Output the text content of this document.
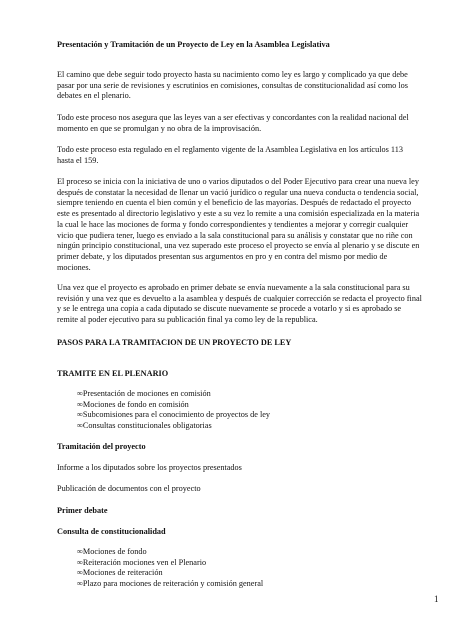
Presentación y Tramitación de un Proyecto de Ley en la Asamblea Legislativa

El camino que debe seguir todo proyecto hasta su nacimiento como ley es largo y complicado ya que debe
pasar por una serie de revisiones y escrutinios en comisiones, consultas de constitucionalidad así como los
debates en el plenario.

Todo este proceso nos asegura que las leyes van a ser efectivas y concordantes con la realidad nacional del
momento en que se promulgan y no obra de la improvisación.

Todo este proceso esta regulado en el reglamento vigente de la Asamblea Legislativa en los artículos 113
hasta el 159.

El proceso se inicia con la iniciativa de uno o varios diputados o del Poder Ejecutivo para crear una nueva ley
después de constatar la necesidad de llenar un vació jurídico o regular una nueva conducta o tendencia social,
siempre teniendo en cuenta el bien común y el beneficio de las mayorías. Después de redactado el proyecto
este es presentado al directorio legislativo y este a su vez lo remite a una comisión especializada en la materia
la cual le hace las mociones de forma y fondo correspondientes y tendientes a mejorar y corregir cualquier
vicio que pudiera tener, luego es enviado a la sala constitucional para su análisis y constatar que no riñe con
ningún principio constitucional, una vez superado este proceso el proyecto se envía al plenario y se discute en
primer debate, y los diputados presentan sus argumentos en pro y en contra del mismo por medio de
mociones.

Una vez que el proyecto es aprobado en primer debate se envía nuevamente a la sala constitucional para su
revisión y una vez que es devuelto a la asamblea y después de cualquier corrección se redacta el proyecto final
y se le entrega una copia a cada diputado se discute nuevamente se procede a votarlo y si es aprobado se
remite al poder ejecutivo para su publicación final ya como ley de la republica.

PASOS PARA LA TRAMITACION DE UN PROYECTO DE LEY

TRAMITE EN EL PLENARIO

∞Presentación de mociones en comisión

∞Mociones de fondo en comisión

∞Subcomisiones para el conocimiento de proyectos de ley

∞Consultas constitucionales obligatorias

Tramitación del proyecto

Informe a los diputados sobre los proyectos presentados

Publicación de documentos con el proyecto

Primer debate

Consulta de constitucionalidad

∞Mociones de fondo

∞Reiteración mociones ven el Plenario

∞Mociones de reiteración

∞Plazo para mociones de reiteración y comisión general

1
